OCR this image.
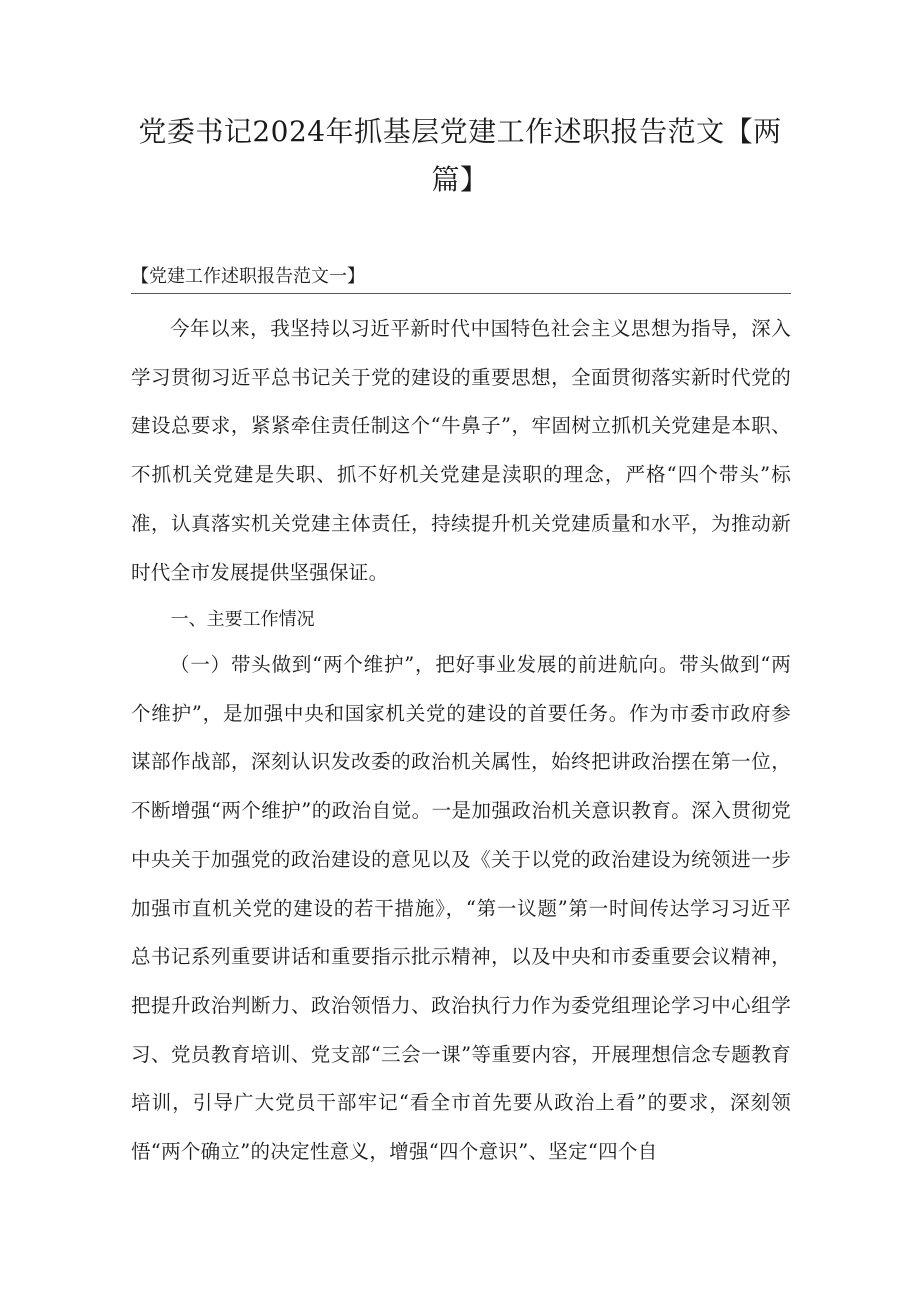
党委书记2024年抓基层党建工作述职报告范文【两篇】
【党建工作述职报告范文一】

今年以来，我坚持以习近平新时代中国特色社会主义思想为指导，深入学习贯彻习近平总书记关于党的建设的重要思想，全面贯彻落实新时代党的建设总要求，紧紧牵住责任制这个“牛鼻子”，牢固树立抓机关党建是本职、不抓机关党建是失职、抓不好机关党建是渎职的理念，严格“四个带头”标准，认真落实机关党建主体责任，持续提升机关党建质量和水平，为推动新时代全市发展提供坚强保证。

一、主要工作情况

（一）带头做到“两个维护”，把好事业发展的前进航向。带头做到“两个维护”，是加强中央和国家机关党的建设的首要任务。作为市委市政府参谋部作战部，深刻认识发改委的政治机关属性，始终把讲政治摆在第一位，不断增强“两个维护”的政治自觉。一是加强政治机关意识教育。深入贯彻党中央关于加强党的政治建设的意见以及《关于以党的政治建设为统领进一步加强市直机关党的建设的若干措施》，“第一议题”第一时间传达学习习近平总书记系列重要讲话和重要指示批示精神，以及中央和市委重要会议精神，把提升政治判断力、政治领悟力、政治执行力作为委党组理论学习中心组学习、党员教育培训、党支部“三会一课”等重要内容，开展理想信念专题教育培训，引导广大党员干部牢记“看全市首先要从政治上看”的要求，深刻领悟“两个确立”的决定性意义，增强“四个意识”、坚定“四个自
